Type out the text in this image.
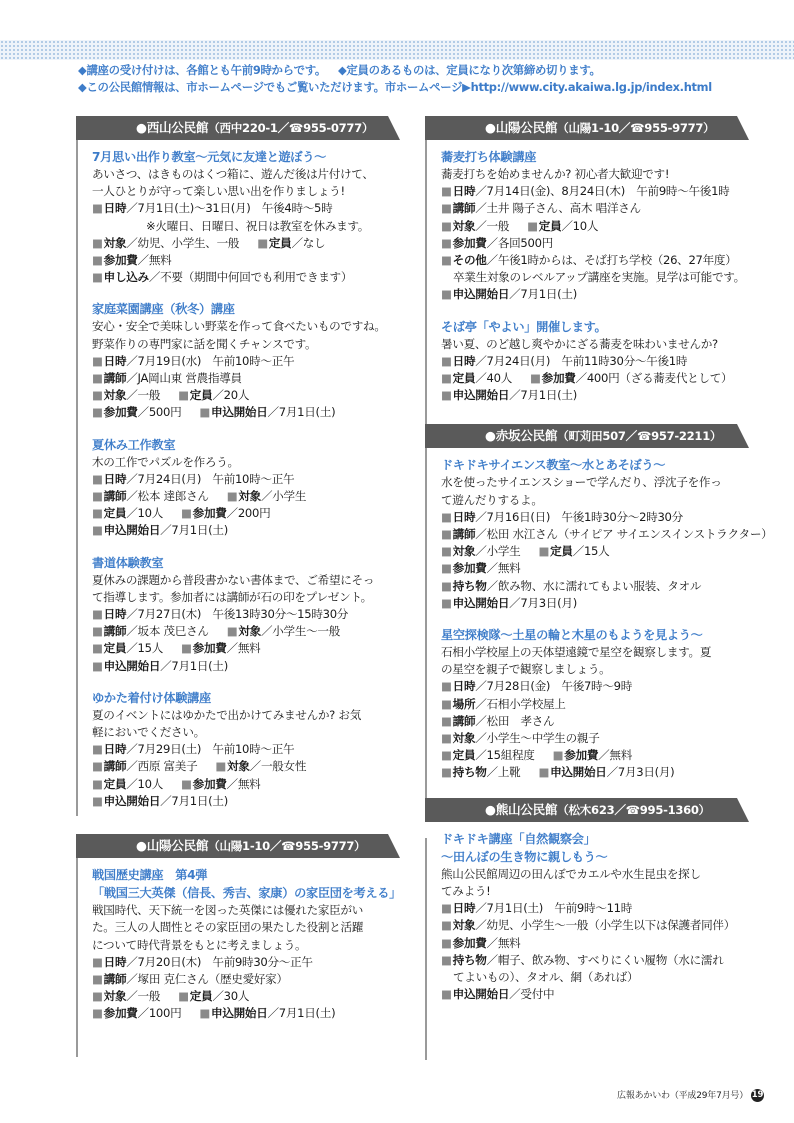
◆講座の受け付けは、各館とも午前9時からです。 ◆定員のあるものは、定員になり次第締め切ります。
◆この公民館情報は、市ホームページでもご覧いただけます。市ホームページ▶http://www.city.akaiwa.lg.jp/index.html
●西山公民館（西中220-1／☎955-0777）
7月思い出作り教室～元気に友達と遊ぼう～
あいさつ、はきものはくつ箱に、遊んだ後は片付けて、
一人ひとりが守って楽しい思い出を作りましょう!
■ 日時／7月1日(土)～31日(月)　午後4時～5時
※火曜日、日曜日、祝日は教室を休みます。
■ 対象／幼児、小学生、一般	■ 定員／なし
■ 参加費／無料
■ 申し込み／不要（期間中何回でも利用できます）
家庭菜園講座（秋冬）講座
安心・安全で美味しい野菜を作って食べたいものですね。
野菜作りの専門家に話を聞くチャンスです。
■ 日時／7月19日(水)　午前10時～正午
■ 講師／JA岡山東 営農指導員
■ 対象／一般	■ 定員／20人
■ 参加費／500円	■ 申込開始日／7月1日(土)
夏休み工作教室
木の工作でパズルを作ろう。
■ 日時／7月24日(月)　午前10時～正午
■ 講師／松本 達郎さん	■ 対象／小学生
■ 定員／10人	■ 参加費／200円
■ 申込開始日／7月1日(土)
書道体験教室
夏休みの課題から普段書かない書体まで、ご希望にそっ
て指導します。参加者には講師が石の印をプレゼント。
■ 日時／7月27日(木)　午後13時30分～15時30分
■ 講師／坂本 茂巳さん	■ 対象／小学生～一般
■ 定員／15人	■ 参加費／無料
■ 申込開始日／7月1日(土)
ゆかた着付け体験講座
夏のイベントにはゆかたで出かけてみませんか? お気
軽においでください。
■ 日時／7月29日(土)　午前10時～正午
■ 講師／西原 富美子	■ 対象／一般女性
■ 定員／10人	■ 参加費／無料
■ 申込開始日／7月1日(土)
●山陽公民館（山陽1-10／☎955-9777）
戦国歴史講座　第4弾
「戦国三大英傑（信長、秀吉、家康）の家臣団を考える」
戦国時代、天下統一を図った英傑には優れた家臣がい
た。三人の人間性とその家臣団の果たした役割と活躍
について時代背景をもとに考えましょう。
■ 日時／7月20日(木)　午前9時30分～正午
■ 講師／塚田 克仁さん（歴史愛好家）
■ 対象／一般	■ 定員／30人
■ 参加費／100円	■ 申込開始日／7月1日(土)
●山陽公民館（山陽1-10／☎955-9777）
蕎麦打ち体験講座
蕎麦打ちを始めませんか? 初心者大歓迎です!
■ 日時／7月14日(金)、8月24日(木)　午前9時～午後1時
■ 講師／土井 陽子さん、高木 唱洋さん
■ 対象／一般	■ 定員／10人
■ 参加費／各回500円
■ その他／午後1時からは、そば打ち学校（26、27年度）
卒業生対象のレベルアップ講座を実施。見学は可能です。
■ 申込開始日／7月1日(土)
そば亭「やよい」開催します。
暑い夏、のど越し爽やかにざる蕎麦を味わいませんか?
■ 日時／7月24日(月)　午前11時30分～午後1時
■ 定員／40人	■ 参加費／400円（ざる蕎麦代として）
■ 申込開始日／7月1日(土)
●赤坂公民館（町苅田507／☎957-2211）
ドキドキサイエンス教室～水とあそぼう～
水を使ったサイエンスショーで学んだり、浮沈子を作っ
て遊んだりするよ。
■ 日時／7月16日(日)　午後1時30分～2時30分
■ 講師／松田 水江さん（サイピア サイエンスインストラクター）
■ 対象／小学生	■ 定員／15人
■ 参加費／無料
■ 持ち物／飲み物、水に濡れてもよい服装、タオル
■ 申込開始日／7月3日(月)
星空探検隊～土星の輪と木星のもようを見よう～
石相小学校屋上の天体望遠鏡で星空を観察します。夏
の星空を親子で観察しましょう。
■ 日時／7月28日(金)　午後7時～9時
■ 場所／石相小学校屋上
■ 講師／松田　孝さん
■ 対象／小学生～中学生の親子
■ 定員／15組程度	■ 参加費／無料
■ 持ち物／上靴	■ 申込開始日／7月3日(月)
●熊山公民館（松木623／☎995-1360）
ドキドキ講座「自然観察会」
～田んぼの生き物に親しもう～
熊山公民館周辺の田んぼでカエルや水生昆虫を探し
てみよう!
■ 日時／7月1日(土)　午前9時～11時
■ 対象／幼児、小学生～一般（小学生以下は保護者同伴）
■ 参加費／無料
■ 持ち物／帽子、飲み物、すべりにくい履物（水に濡れ
てよいもの）、タオル、網（あれば）
■ 申込開始日／受付中
広報あかいわ（平成29年7月号） 19
